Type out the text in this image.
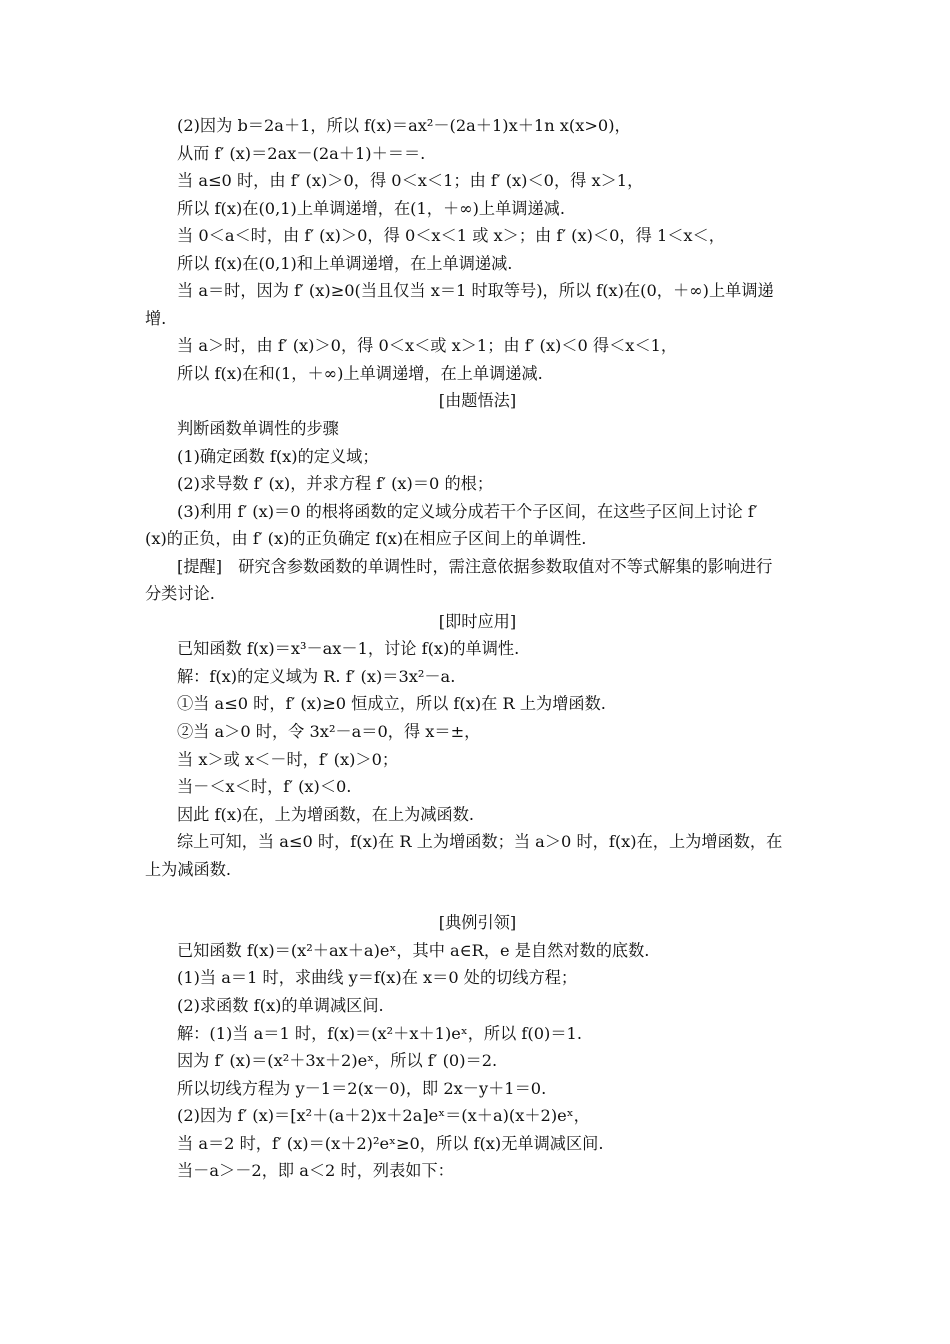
(2)因为 b＝2a＋1，所以 f(x)＝ax²－(2a＋1)x＋1n x(x>0)，
从而 f′ (x)＝2ax－(2a＋1)＋＝＝.
当 a≤0 时，由 f′ (x)＞0，得 0＜x＜1；由 f′ (x)＜0，得 x＞1，
所以 f(x)在(0,1)上单调递增，在(1，＋∞)上单调递减.
当 0＜a＜时，由 f′ (x)＞0，得 0＜x＜1 或 x＞；由 f′ (x)＜0，得 1＜x＜，
所以 f(x)在(0,1)和上单调递增，在上单调递减.
当 a＝时，因为 f′ (x)≥0(当且仅当 x＝1 时取等号)，所以 f(x)在(0，＋∞)上单调递
增.
当 a＞时，由 f′ (x)＞0，得 0＜x＜或 x＞1；由 f′ (x)＜0 得＜x＜1，
所以 f(x)在和(1，＋∞)上单调递增，在上单调递减.
[由题悟法]
判断函数单调性的步骤
(1)确定函数 f(x)的定义域；
(2)求导数 f′ (x)，并求方程 f′ (x)＝0 的根；
(3)利用 f′ (x)＝0 的根将函数的定义域分成若干个子区间，在这些子区间上讨论 f′
(x)的正负，由 f′ (x)的正负确定 f(x)在相应子区间上的单调性.
[提醒]　研究含参数函数的单调性时，需注意依据参数取值对不等式解集的影响进行
分类讨论.
[即时应用]
已知函数 f(x)＝x³－ax－1，讨论 f(x)的单调性.
解：f(x)的定义域为 R. f′ (x)＝3x²－a.
①当 a≤0 时，f′ (x)≥0 恒成立，所以 f(x)在 R 上为增函数.
②当 a＞0 时，令 3x²－a＝0，得 x＝±，
当 x＞或 x＜－时，f′ (x)＞0；
当－＜x＜时，f′ (x)＜0.
因此 f(x)在，上为增函数，在上为减函数.
综上可知，当 a≤0 时，f(x)在 R 上为增函数；当 a＞0 时，f(x)在，上为增函数，在
上为减函数.
[典例引领]
已知函数 f(x)＝(x²＋ax＋a)eˣ，其中 a∈R，e 是自然对数的底数.
(1)当 a＝1 时，求曲线 y＝f(x)在 x＝0 处的切线方程；
(2)求函数 f(x)的单调减区间.
解：(1)当 a＝1 时，f(x)＝(x²＋x＋1)eˣ，所以 f(0)＝1.
因为 f′ (x)＝(x²＋3x＋2)eˣ，所以 f′ (0)＝2.
所以切线方程为 y－1＝2(x－0)，即 2x－y＋1＝0.
(2)因为 f′ (x)＝[x²＋(a＋2)x＋2a]eˣ＝(x＋a)(x＋2)eˣ，
当 a＝2 时，f′ (x)＝(x＋2)²eˣ≥0，所以 f(x)无单调减区间.
当－a＞－2，即 a＜2 时，列表如下：
